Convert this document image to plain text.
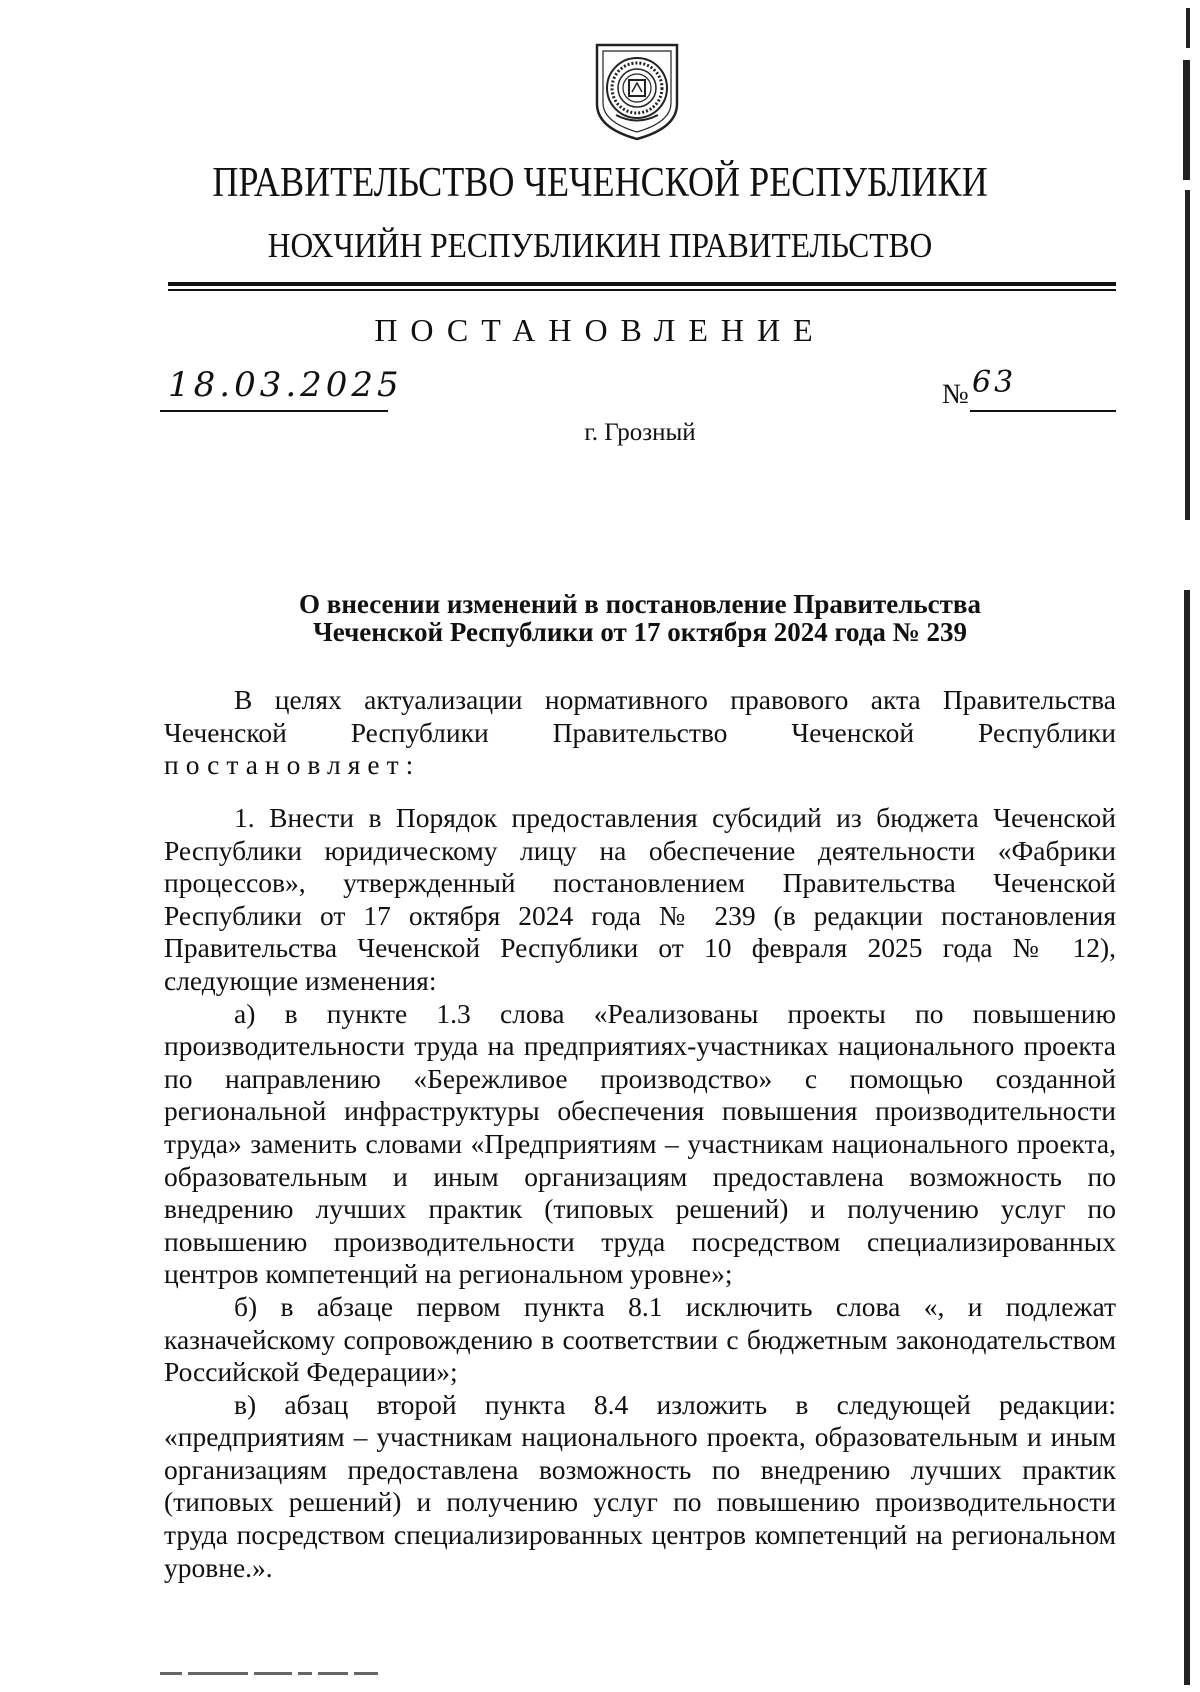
ПРАВИТЕЛЬСТВО ЧЕЧЕНСКОЙ РЕСПУБЛИКИ
НОХЧИЙН РЕСПУБЛИКИН ПРАВИТЕЛЬСТВО
ПОСТАНОВЛЕНИЕ
18.03.2025	№ 63
г. Грозный
О внесении изменений в постановление Правительства
Чеченской Республики от 17 октября 2024 года № 239

В целях актуализации нормативного правового акта Правительства

Чеченской Республики Правительство Чеченской Республики

постановляет:

1. Внести в Порядок предоставления субсидий из бюджета Чеченской Республики юридическому лицу на обеспечение деятельности «Фабрики процессов», утвержденный постановлением Правительства Чеченской Республики от 17 октября 2024 года № 239 (в редакции постановления Правительства Чеченской Республики от 10 февраля 2025 года № 12), следующие изменения:

а) в пункте 1.3 слова «Реализованы проекты по повышению производительности труда на предприятиях-участниках национального проекта по направлению «Бережливое производство» с помощью созданной региональной инфраструктуры обеспечения повышения производительности труда» заменить словами «Предприятиям – участникам национального проекта, образовательным и иным организациям предоставлена возможность по внедрению лучших практик (типовых решений) и получению услуг по повышению производительности труда посредством специализированных центров компетенций на региональном уровне»;

б) в абзаце первом пункта 8.1 исключить слова «, и подлежат казначейскому сопровождению в соответствии с бюджетным законодательством Российской Федерации»;

в) абзац второй пункта 8.4 изложить в следующей редакции: «предприятиям – участникам национального проекта, образовательным и иным организациям предоставлена возможность по внедрению лучших практик (типовых решений) и получению услуг по повышению производительности труда посредством специализированных центров компетенций на региональном уровне.».
